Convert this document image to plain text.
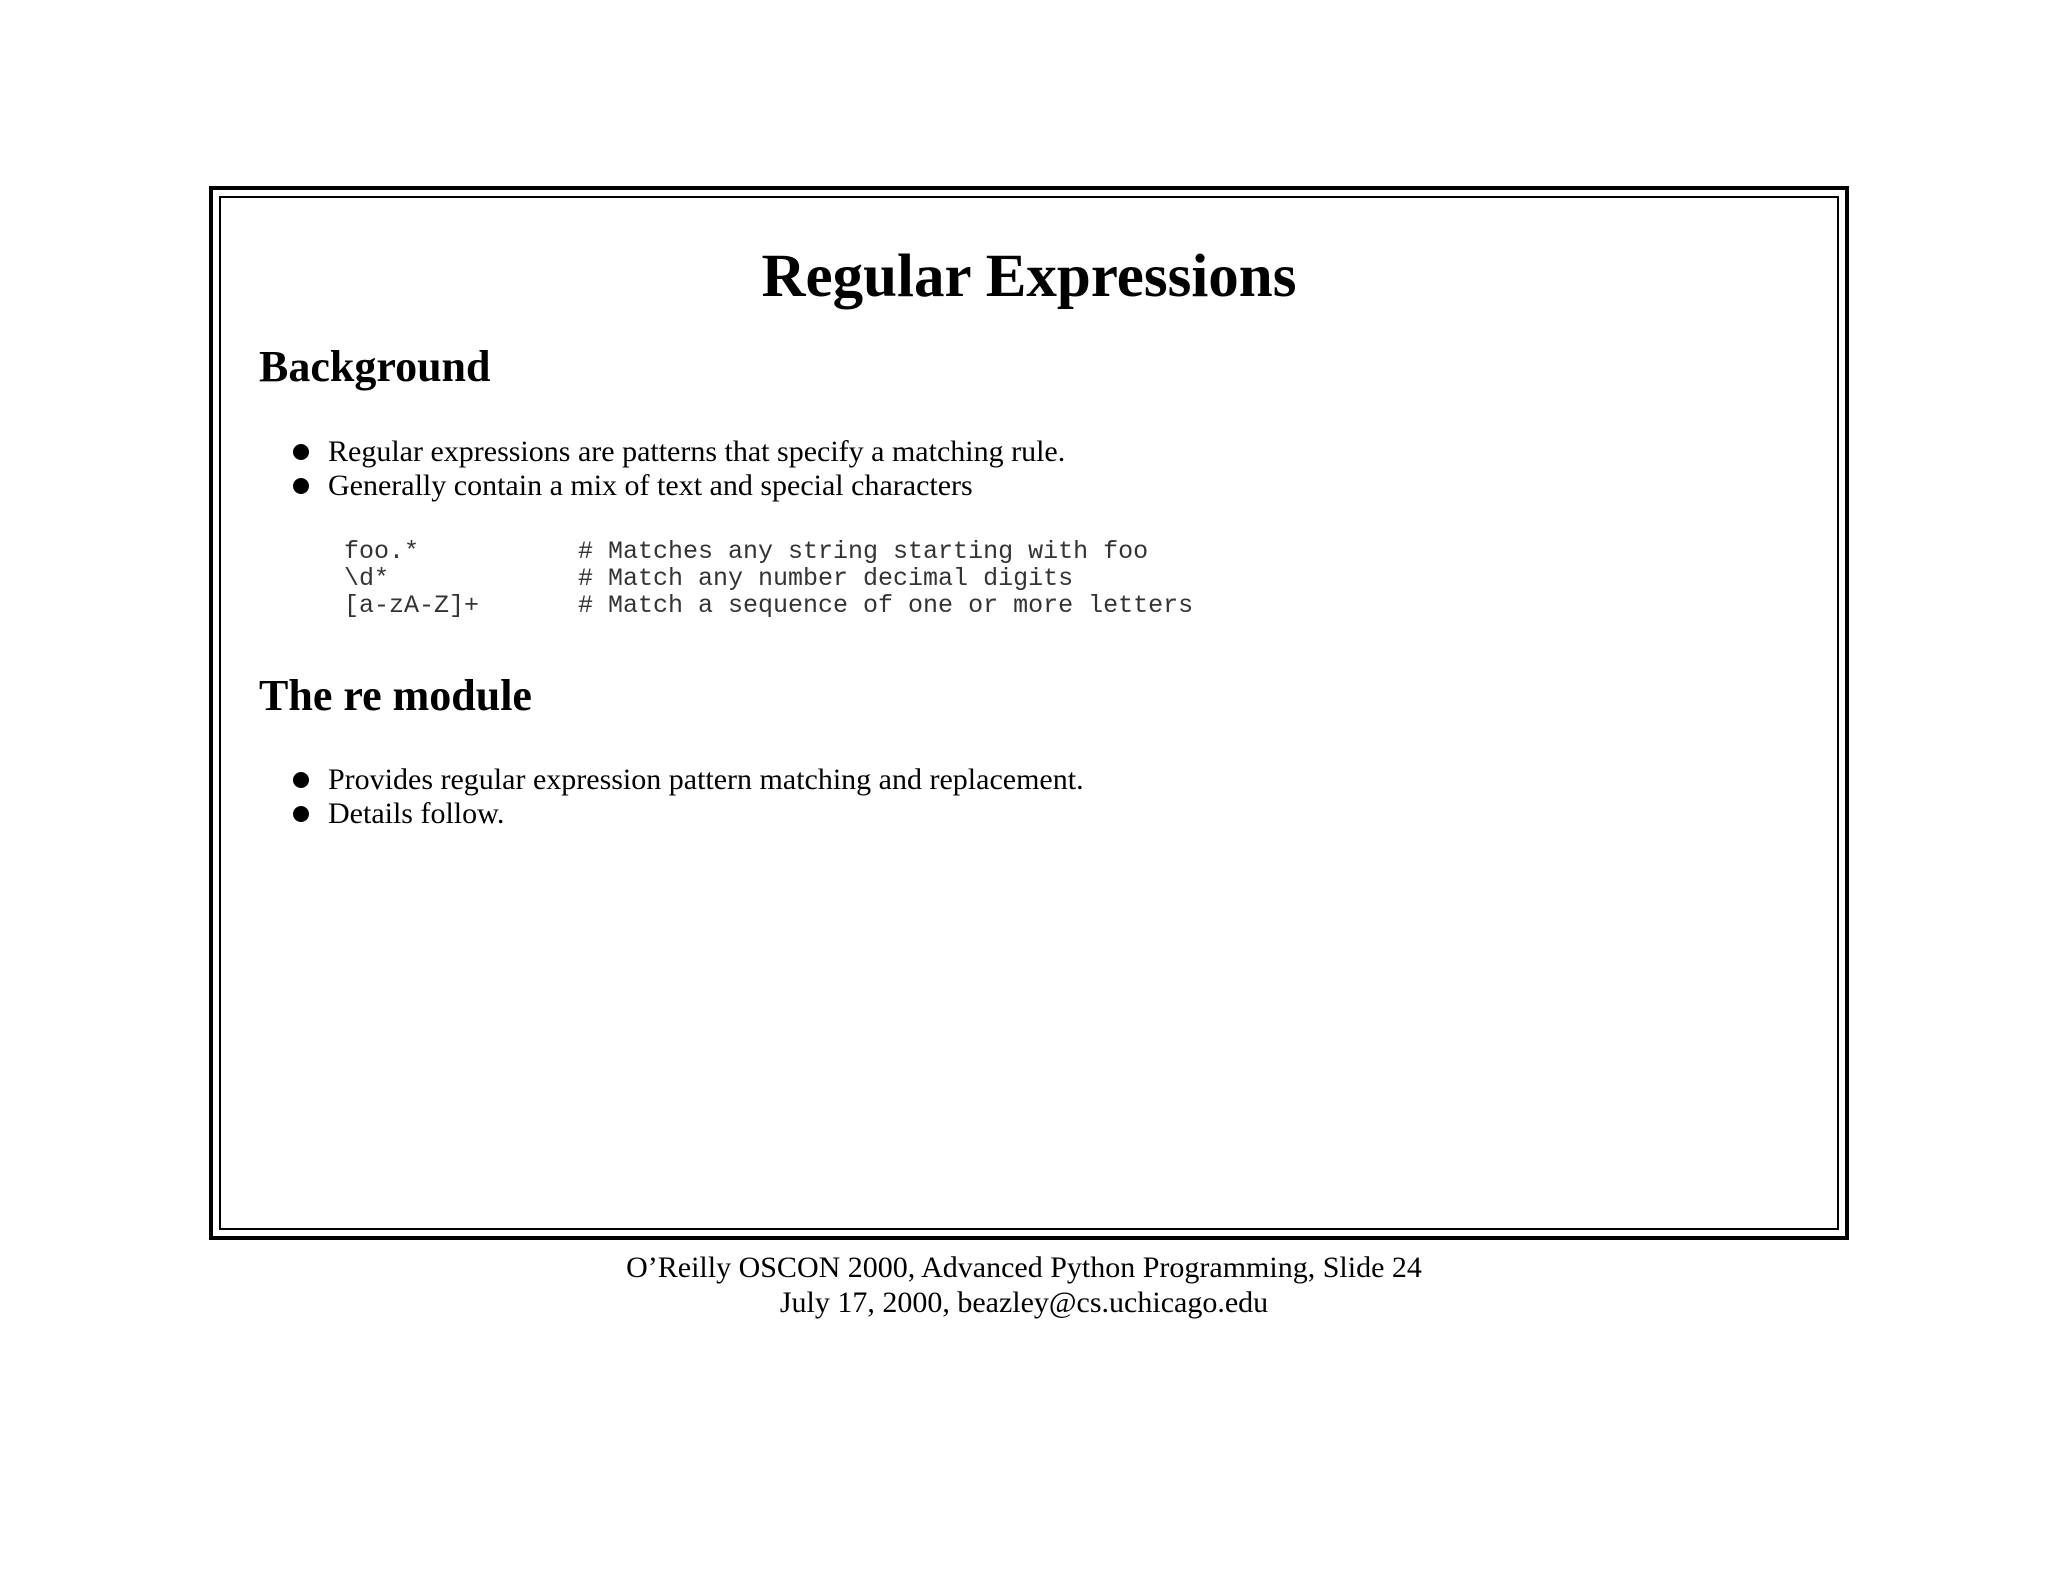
Regular Expressions
Background
Regular expressions are patterns that specify a matching rule.
Generally contain a mix of text and special characters
foo.*	# Matches any string starting with foo
\d*	# Match any number decimal digits
[a-zA-Z]+	# Match a sequence of one or more letters
The re module
Provides regular expression pattern matching and replacement.
Details follow.
O’Reilly OSCON 2000, Advanced Python Programming, Slide 24
July 17, 2000, beazley@cs.uchicago.edu
